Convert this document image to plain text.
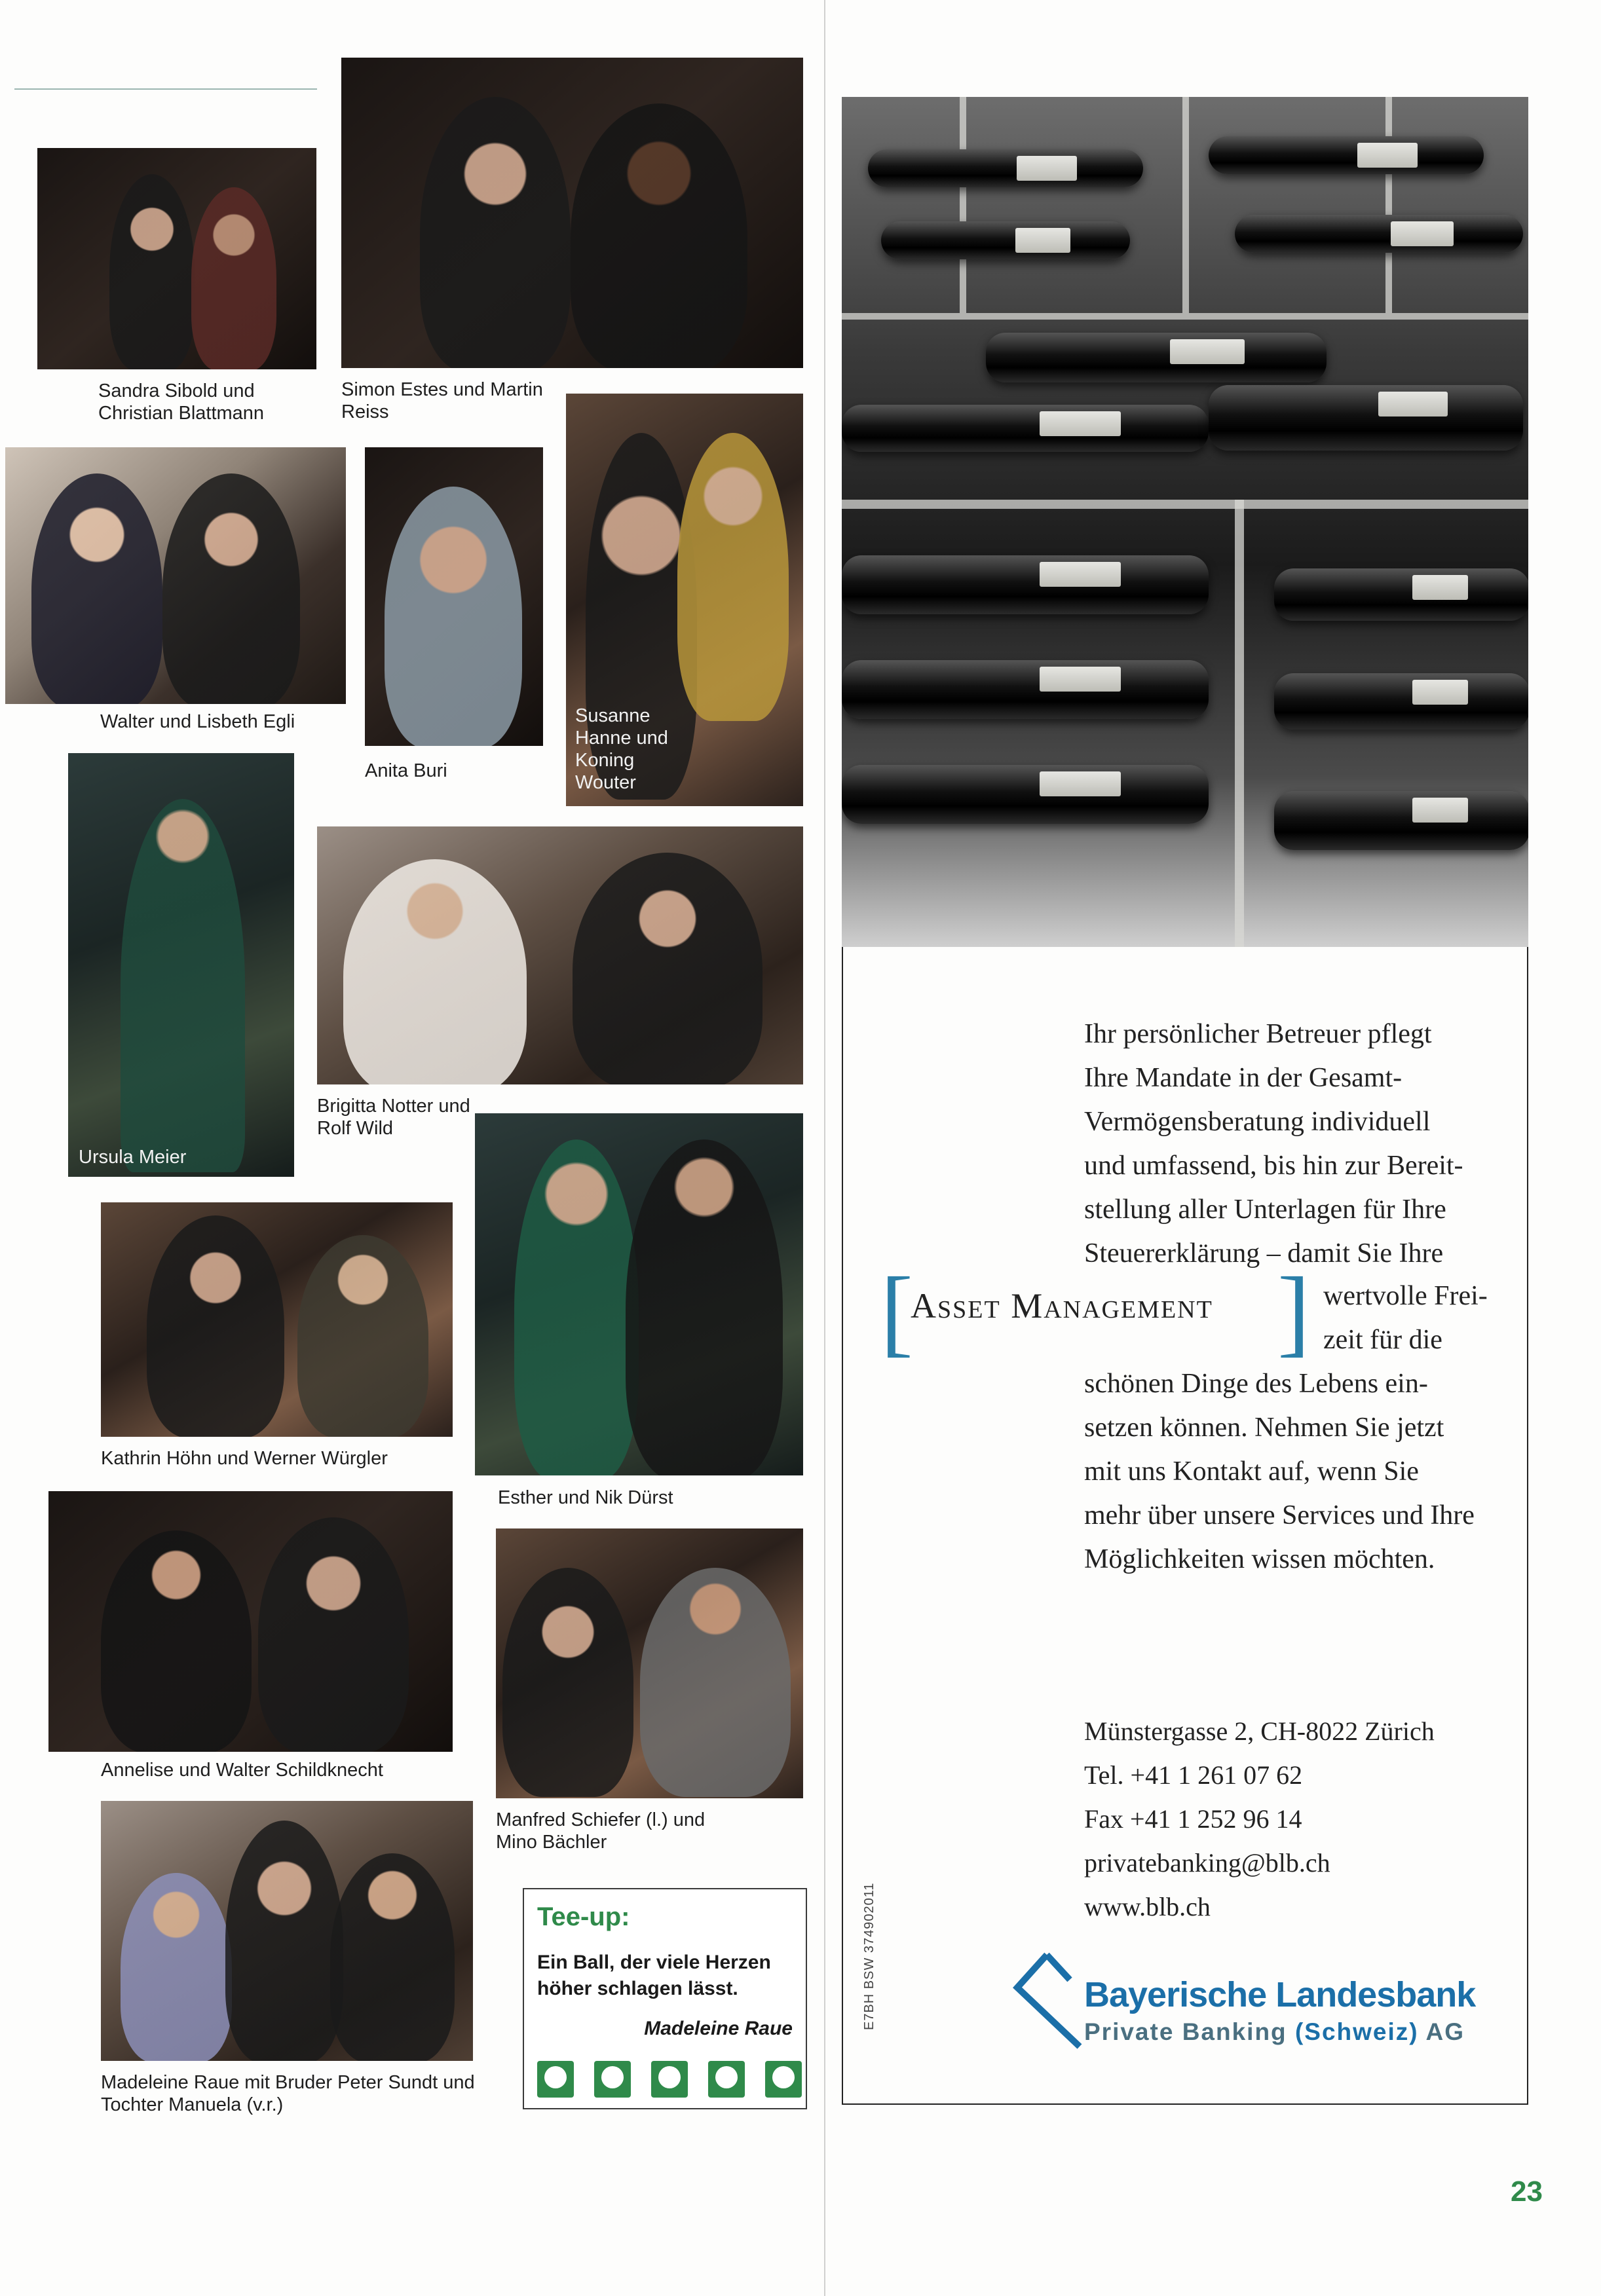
Sandra Sibold und Christian Blattmann
Simon Estes und Martin Reiss
Walter und Lisbeth Egli
Anita Buri
Susanne Hanne und Koning Wouter
Ursula Meier
Brigitta Notter und Rolf Wild
Kathrin Höhn und Werner Würgler
Esther und Nik Dürst
Annelise und Walter Schildknecht
Manfred Schiefer (l.) und Mino Bächler
Madeleine Raue mit Bruder Peter Sundt und Tochter Manuela (v.r.)
Tee-up:
Ein Ball, der viele Herzen höher schlagen lässt.
Madeleine Raue
Ihr persönlicher Betreuer pflegt
Ihre Mandate in der Gesamt-
Vermögensberatung individuell
und umfassend, bis hin zur Bereit-
stellung aller Unterlagen für Ihre
Steuererklärung – damit Sie Ihre
[
Asset Management ] wertvolle Frei-
zeit für die
schönen Dinge des Lebens ein-
setzen können. Nehmen Sie jetzt
mit uns Kontakt auf, wenn Sie
mehr über unsere Services und Ihre
Möglichkeiten wissen möchten.
Münstergasse 2, CH-8022 Zürich
Tel. +41 1 261 07 62
Fax +41 1 252 96 14
privatebanking@blb.ch
www.blb.ch
E7BH BSW 374902011	Bayerische Landesbank
Private Banking (Schweiz) AG
23
